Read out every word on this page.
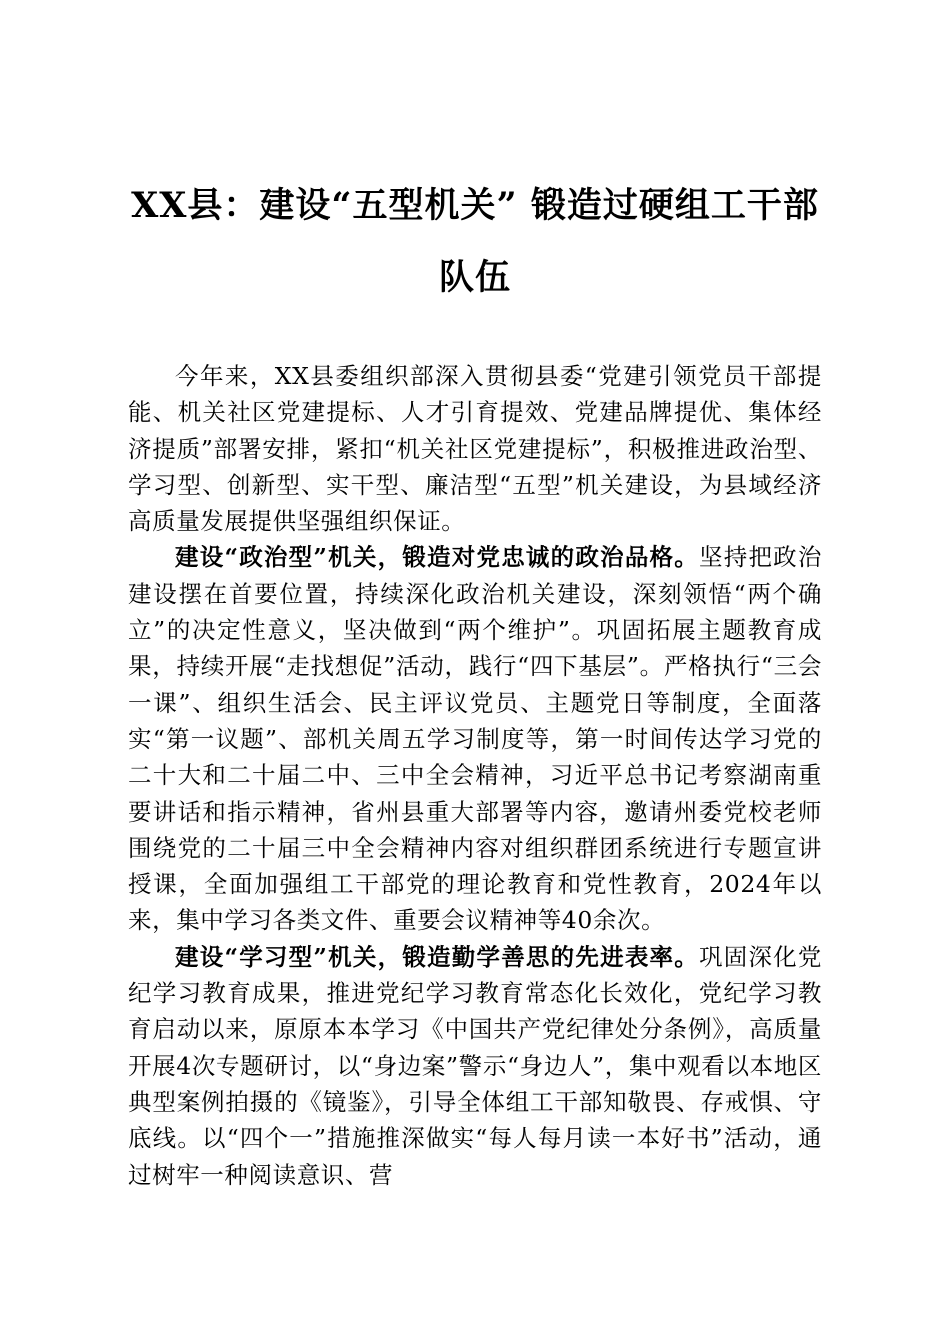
XX县：建设“五型机关” 锻造过硬组工干部队伍

今年来，XX县委组织部深入贯彻县委“党建引领党员干部提能、机关社区党建提标、人才引育提效、党建品牌提优、集体经济提质”部署安排，紧扣“机关社区党建提标”，积极推进政治型、学习型、创新型、实干型、廉洁型“五型”机关建设，为县域经济高质量发展提供坚强组织保证。

建设“政治型”机关，锻造对党忠诚的政治品格。坚持把政治建设摆在首要位置，持续深化政治机关建设，深刻领悟“两个确立”的决定性意义，坚决做到“两个维护”。巩固拓展主题教育成果，持续开展“走找想促”活动，践行“四下基层”。严格执行“三会一课”、组织生活会、民主评议党员、主题党日等制度，全面落实“第一议题”、部机关周五学习制度等，第一时间传达学习党的二十大和二十届二中、三中全会精神，习近平总书记考察湖南重要讲话和指示精神，省州县重大部署等内容，邀请州委党校老师围绕党的二十届三中全会精神内容对组织群团系统进行专题宣讲授课，全面加强组工干部党的理论教育和党性教育，2024年以来，集中学习各类文件、重要会议精神等40余次。

建设“学习型”机关，锻造勤学善思的先进表率。巩固深化党纪学习教育成果，推进党纪学习教育常态化长效化，党纪学习教育启动以来，原原本本学习《中国共产党纪律处分条例》，高质量开展4次专题研讨，以“身边案”警示“身边人”，集中观看以本地区典型案例拍摄的《镜鉴》，引导全体组工干部知敬畏、存戒惧、守底线。以“四个一”措施推深做实“每人每月读一本好书”活动，通过树牢一种阅读意识、营
